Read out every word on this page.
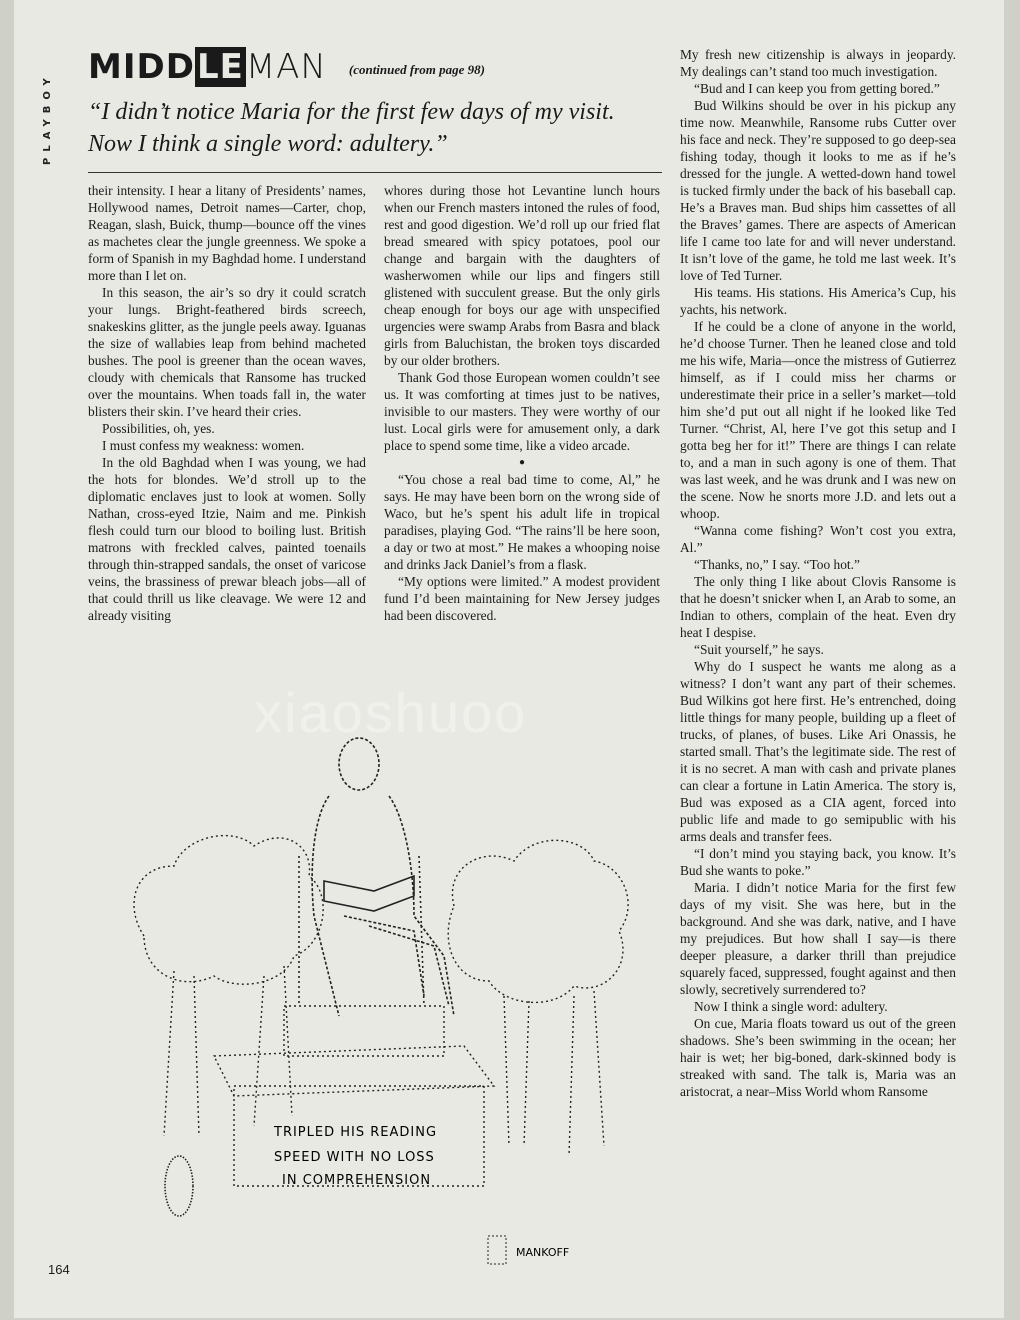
PLAYBOY
MIDDLEMAN (continued from page 98)
“I didn’t notice Maria for the first few days of my visit. Now I think a single word: adultery.”

their intensity. I hear a litany of Presidents’ names, Hollywood names, Detroit names—Carter, chop, Reagan, slash, Buick, thump—bounce off the vines as machetes clear the jungle greenness. We spoke a form of Spanish in my Baghdad home. I understand more than I let on.

In this season, the air’s so dry it could scratch your lungs. Bright-feathered birds screech, snakeskins glitter, as the jungle peels away. Iguanas the size of wallabies leap from behind macheted bushes. The pool is greener than the ocean waves, cloudy with chemicals that Ransome has trucked over the mountains. When toads fall in, the water blisters their skin. I’ve heard their cries.

Possibilities, oh, yes.

I must confess my weakness: women.

In the old Baghdad when I was young, we had the hots for blondes. We’d stroll up to the diplomatic enclaves just to look at women. Solly Nathan, cross-eyed Itzie, Naim and me. Pinkish flesh could turn our blood to boiling lust. British matrons with freckled calves, painted toenails through thin-strapped sandals, the onset of varicose veins, the brassiness of prewar bleach jobs—all of that could thrill us like cleavage. We were 12 and already visiting

whores during those hot Levantine lunch hours when our French masters intoned the rules of food, rest and good digestion. We’d roll up our fried flat bread smeared with spicy potatoes, pool our change and bargain with the daughters of washerwomen while our lips and fingers still glistened with succulent grease. But the only girls cheap enough for boys our age with unspecified urgencies were swamp Arabs from Basra and black girls from Baluchistan, the broken toys discarded by our older brothers.

Thank God those European women couldn’t see us. It was comforting at times just to be natives, invisible to our masters. They were worthy of our lust. Local girls were for amusement only, a dark place to spend some time, like a video arcade.

●

“You chose a real bad time to come, Al,” he says. He may have been born on the wrong side of Waco, but he’s spent his adult life in tropical paradises, playing God. “The rains’ll be here soon, a day or two at most.” He makes a whooping noise and drinks Jack Daniel’s from a flask.

“My options were limited.” A modest provident fund I’d been maintaining for New Jersey judges had been discovered.

My fresh new citizenship is always in jeopardy. My dealings can’t stand too much investigation.

“Bud and I can keep you from getting bored.”

Bud Wilkins should be over in his pickup any time now. Meanwhile, Ransome rubs Cutter over his face and neck. They’re supposed to go deep-sea fishing today, though it looks to me as if he’s dressed for the jungle. A wetted-down hand towel is tucked firmly under the back of his baseball cap. He’s a Braves man. Bud ships him cassettes of all the Braves’ games. There are aspects of American life I came too late for and will never understand. It isn’t love of the game, he told me last week. It’s love of Ted Turner.

His teams. His stations. His America’s Cup, his yachts, his network.

If he could be a clone of anyone in the world, he’d choose Turner. Then he leaned close and told me his wife, Maria—once the mistress of Gutierrez himself, as if I could miss her charms or underestimate their price in a seller’s market—told him she’d put out all night if he looked like Ted Turner. “Christ, Al, here I’ve got this setup and I gotta beg her for it!” There are things I can relate to, and a man in such agony is one of them. That was last week, and he was drunk and I was new on the scene. Now he snorts more J.D. and lets out a whoop.

“Wanna come fishing? Won’t cost you extra, Al.”

“Thanks, no,” I say. “Too hot.”

The only thing I like about Clovis Ransome is that he doesn’t snicker when I, an Arab to some, an Indian to others, complain of the heat. Even dry heat I despise.

“Suit yourself,” he says.

Why do I suspect he wants me along as a witness? I don’t want any part of their schemes. Bud Wilkins got here first. He’s entrenched, doing little things for many people, building up a fleet of trucks, of planes, of buses. Like Ari Onassis, he started small. That’s the legitimate side. The rest of it is no secret. A man with cash and private planes can clear a fortune in Latin America. The story is, Bud was exposed as a CIA agent, forced into public life and made to go semipublic with his arms deals and transfer fees.

“I don’t mind you staying back, you know. It’s Bud she wants to poke.”

Maria. I didn’t notice Maria for the first few days of my visit. She was here, but in the background. And she was dark, native, and I have my prejudices. But how shall I say—is there deeper pleasure, a darker thrill than prejudice squarely faced, suppressed, fought against and then slowly, secretively surrendered to?

Now I think a single word: adultery.

On cue, Maria floats toward us out of the green shadows. She’s been swimming in the ocean; her hair is wet; her big-boned, dark-skinned body is streaked with sand. The talk is, Maria was an aristocrat, a near–Miss World whom Ransome

TRIPLED HIS READING
SPEED WITH NO LOSS
IN COMPREHENSION
MANKOFF
164
xiaoshuoo
